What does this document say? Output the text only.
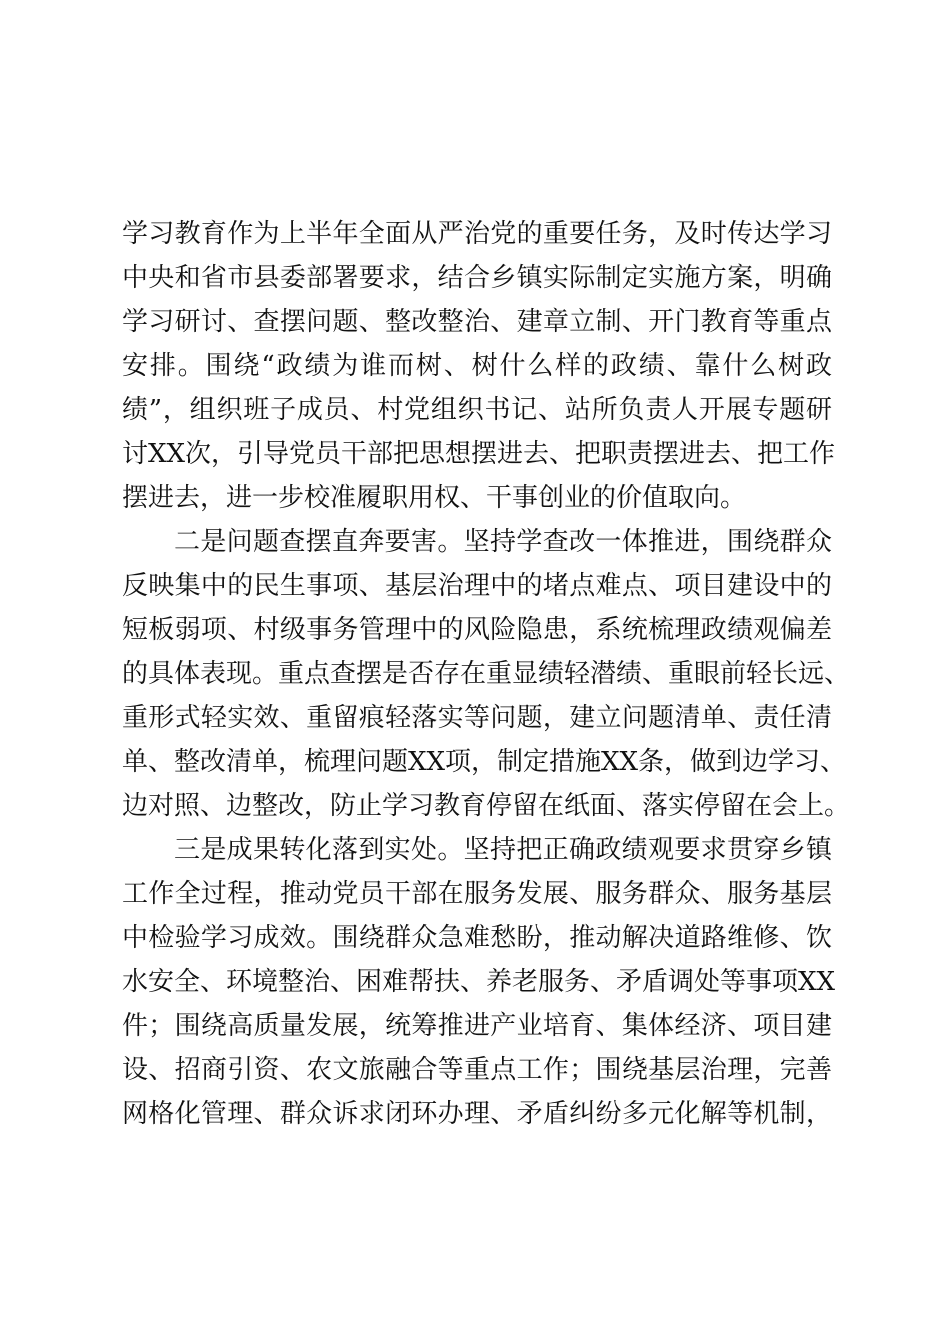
学习教育作为上半年全面从严治党的重要任务，及时传达学习
中央和省市县委部署要求，结合乡镇实际制定实施方案，明确
学习研讨、查摆问题、整改整治、建章立制、开门教育等重点
安排。围绕“政绩为谁而树、树什么样的政绩、靠什么树政
绩”，组织班子成员、村党组织书记、站所负责人开展专题研
讨XX次，引导党员干部把思想摆进去、把职责摆进去、把工作
摆进去，进一步校准履职用权、干事创业的价值取向。
二是问题查摆直奔要害。坚持学查改一体推进，围绕群众
反映集中的民生事项、基层治理中的堵点难点、项目建设中的
短板弱项、村级事务管理中的风险隐患，系统梳理政绩观偏差
的具体表现。重点查摆是否存在重显绩轻潜绩、重眼前轻长远、
重形式轻实效、重留痕轻落实等问题，建立问题清单、责任清
单、整改清单，梳理问题XX项，制定措施XX条，做到边学习、
边对照、边整改，防止学习教育停留在纸面、落实停留在会上。
三是成果转化落到实处。坚持把正确政绩观要求贯穿乡镇
工作全过程，推动党员干部在服务发展、服务群众、服务基层
中检验学习成效。围绕群众急难愁盼，推动解决道路维修、饮
水安全、环境整治、困难帮扶、养老服务、矛盾调处等事项XX
件；围绕高质量发展，统筹推进产业培育、集体经济、项目建
设、招商引资、农文旅融合等重点工作；围绕基层治理，完善
网格化管理、群众诉求闭环办理、矛盾纠纷多元化解等机制，
